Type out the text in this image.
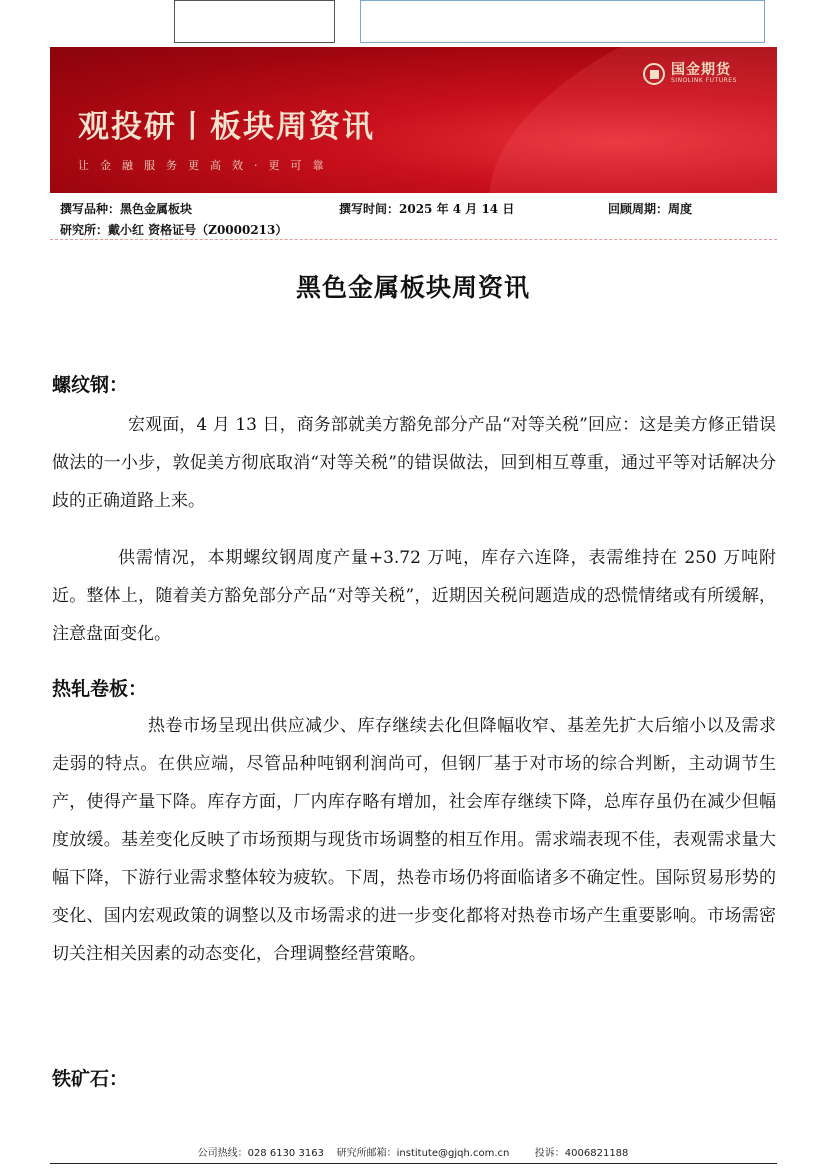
国金期货
SINOLINK FUTURES
观投研丨板块周资讯
让金融服务更高效·更可靠
撰写品种：黑色金属板块	撰写时间：2025 年 4 月 14 日	回顾周期：周度
研究所：戴小红 资格证号（Z0000213）
黑色金属板块周资讯
螺纹钢：

宏观面，4 月 13 日，商务部就美方豁免部分产品“对等关税”回应：这是美方修正错误做法的一小步，敦促美方彻底取消“对等关税”的错误做法，回到相互尊重，通过平等对话解决分歧的正确道路上来。

供需情况，本期螺纹钢周度产量+3.72 万吨，库存六连降，表需维持在 250 万吨附近。整体上，随着美方豁免部分产品“对等关税”，近期因关税问题造成的恐慌情绪或有所缓解，注意盘面变化。

热轧卷板：

热卷市场呈现出供应减少、库存继续去化但降幅收窄、基差先扩大后缩小以及需求走弱的特点。在供应端，尽管品种吨钢利润尚可，但钢厂基于对市场的综合判断，主动调节生产，使得产量下降。库存方面，厂内库存略有增加，社会库存继续下降，总库存虽仍在减少但幅度放缓。基差变化反映了市场预期与现货市场调整的相互作用。需求端表现不佳，表观需求量大幅下降，下游行业需求整体较为疲软。下周，热卷市场仍将面临诸多不确定性。国际贸易形势的变化、国内宏观政策的调整以及市场需求的进一步变化都将对热卷市场产生重要影响。市场需密切关注相关因素的动态变化，合理调整经营策略。

铁矿石：
公司热线：028 6130 3163    研究所邮箱：institute@gjqh.com.cn        投诉：4006821188
